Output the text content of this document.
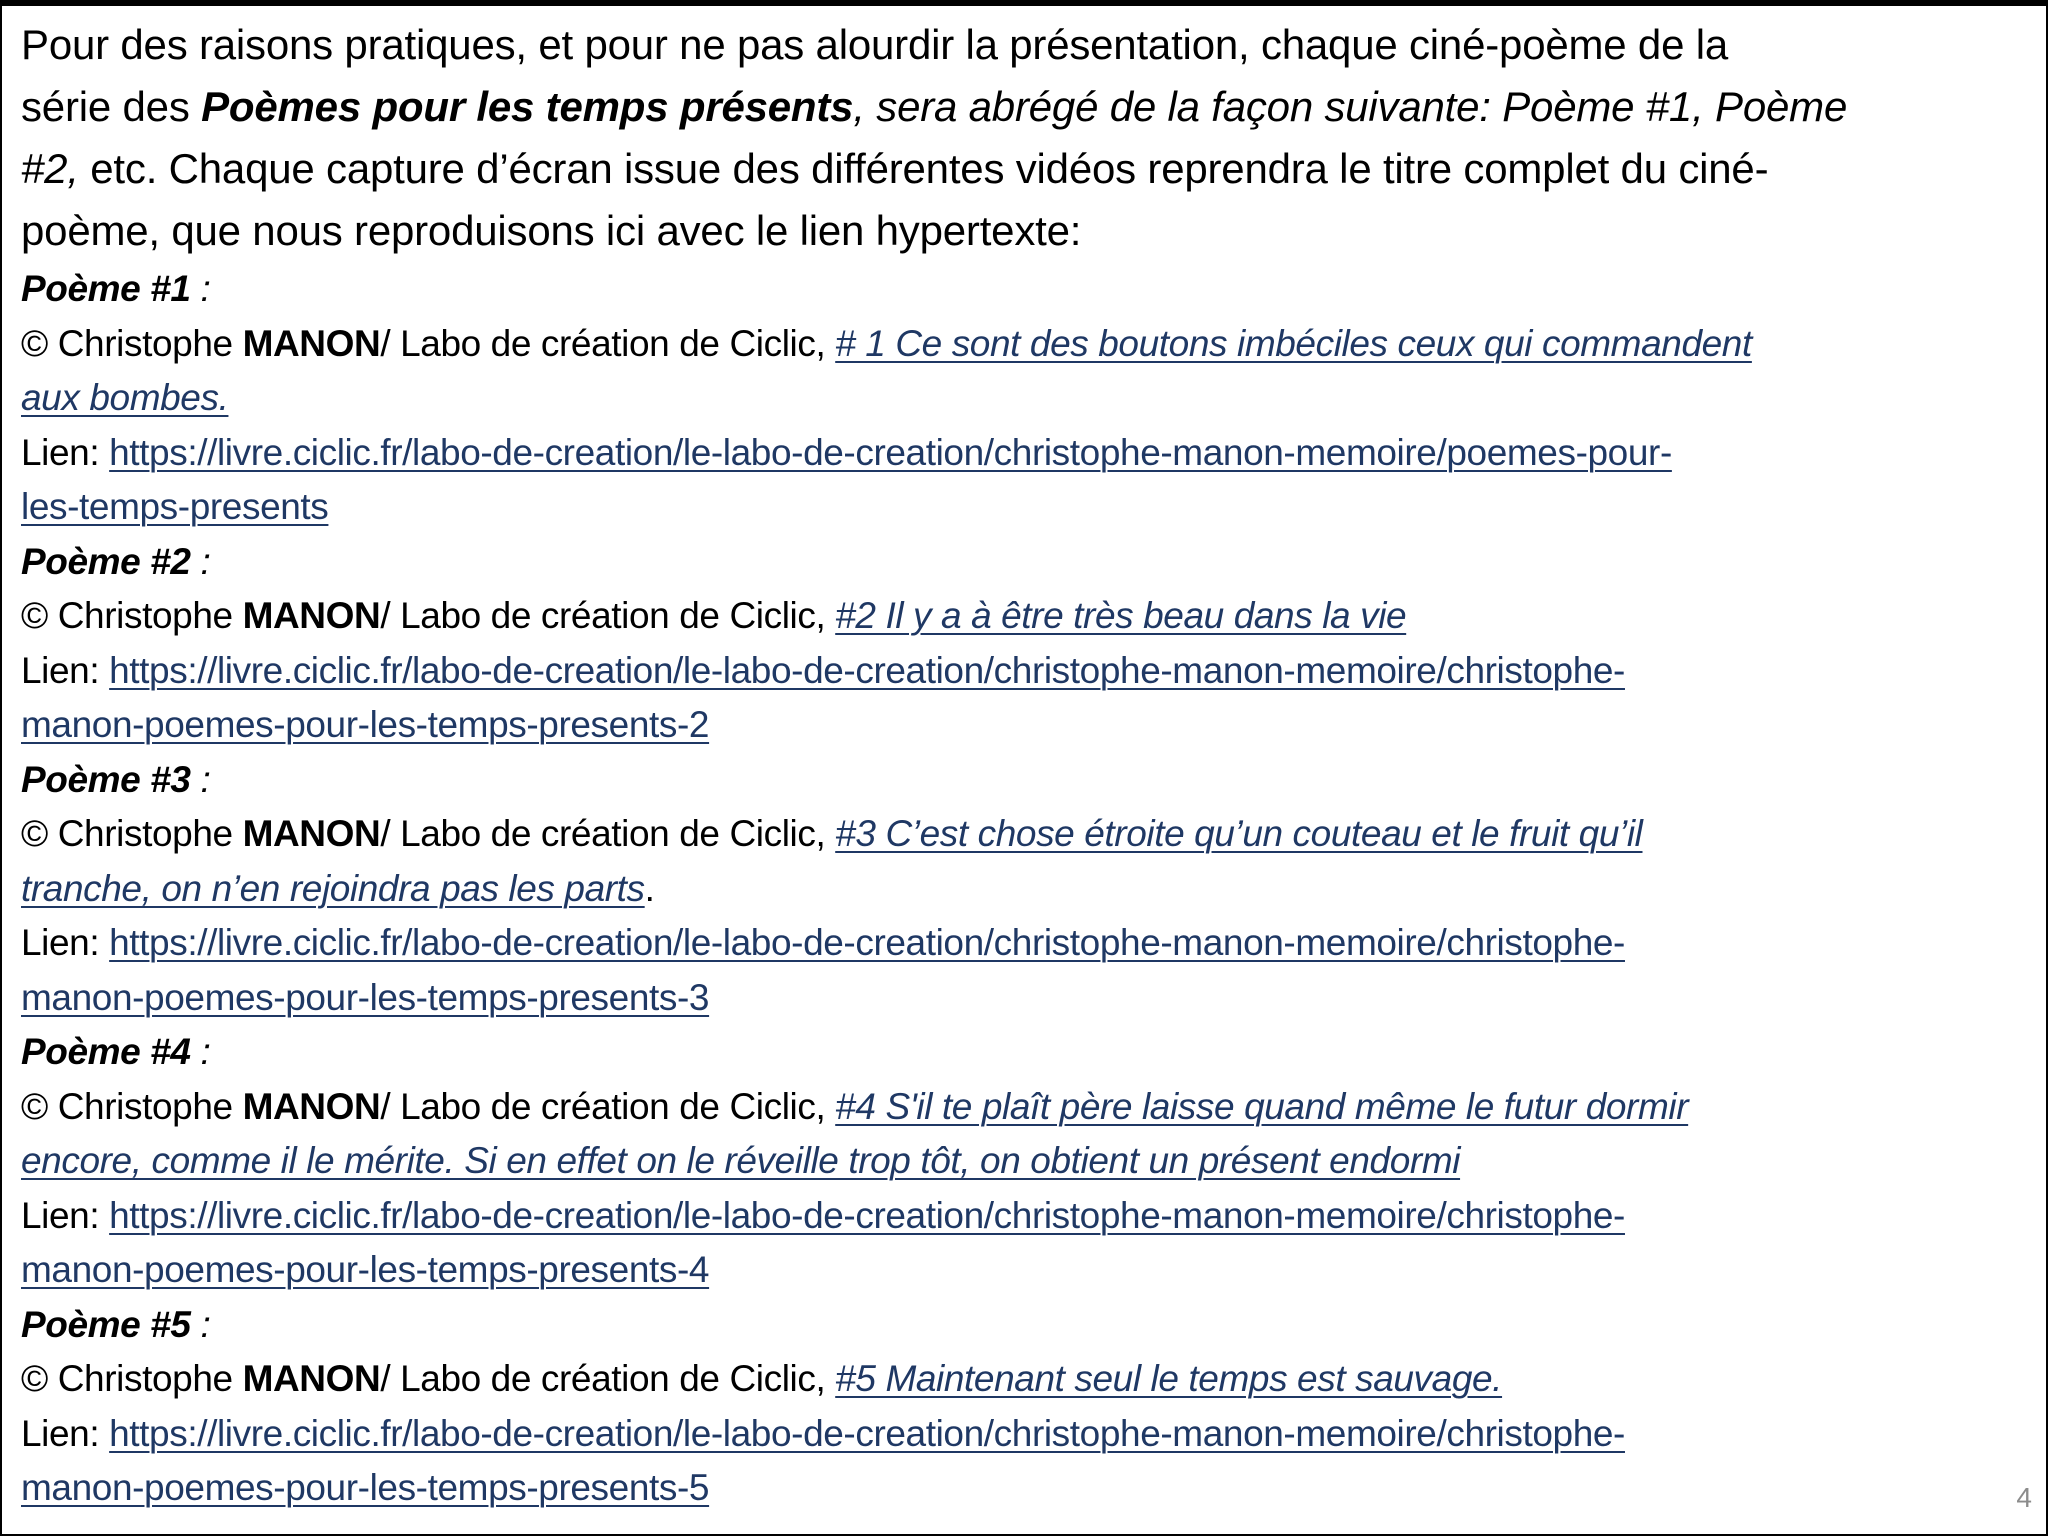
Pour des raisons pratiques, et pour ne pas alourdir la présentation, chaque ciné-poème de la
série des Poèmes pour les temps présents, sera abrégé de la façon suivante: Poème #1, Poème
#2, etc. Chaque capture d’écran issue des différentes vidéos reprendra le titre complet du ciné-
poème, que nous reproduisons ici avec le lien hypertexte:
Poème #1 :
© Christophe MANON/ Labo de création de Ciclic, # 1 Ce sont des boutons imbéciles ceux qui commandent
aux bombes.
Lien: https://livre.ciclic.fr/labo-de-creation/le-labo-de-creation/christophe-manon-memoire/poemes-pour-
les-temps-presents
Poème #2 :
© Christophe MANON/ Labo de création de Ciclic, #2 Il y a à être très beau dans la vie
Lien: https://livre.ciclic.fr/labo-de-creation/le-labo-de-creation/christophe-manon-memoire/christophe-
manon-poemes-pour-les-temps-presents-2
Poème #3 :
© Christophe MANON/ Labo de création de Ciclic, #3 C’est chose étroite qu’un couteau et le fruit qu’il
tranche, on n’en rejoindra pas les parts.
Lien: https://livre.ciclic.fr/labo-de-creation/le-labo-de-creation/christophe-manon-memoire/christophe-
manon-poemes-pour-les-temps-presents-3
Poème #4 :
© Christophe MANON/ Labo de création de Ciclic, #4 S'il te plaît père laisse quand même le futur dormir
encore, comme il le mérite. Si en effet on le réveille trop tôt, on obtient un présent endormi
Lien: https://livre.ciclic.fr/labo-de-creation/le-labo-de-creation/christophe-manon-memoire/christophe-
manon-poemes-pour-les-temps-presents-4
Poème #5 :
© Christophe MANON/ Labo de création de Ciclic, #5 Maintenant seul le temps est sauvage.
Lien: https://livre.ciclic.fr/labo-de-creation/le-labo-de-creation/christophe-manon-memoire/christophe-
manon-poemes-pour-les-temps-presents-5	4
